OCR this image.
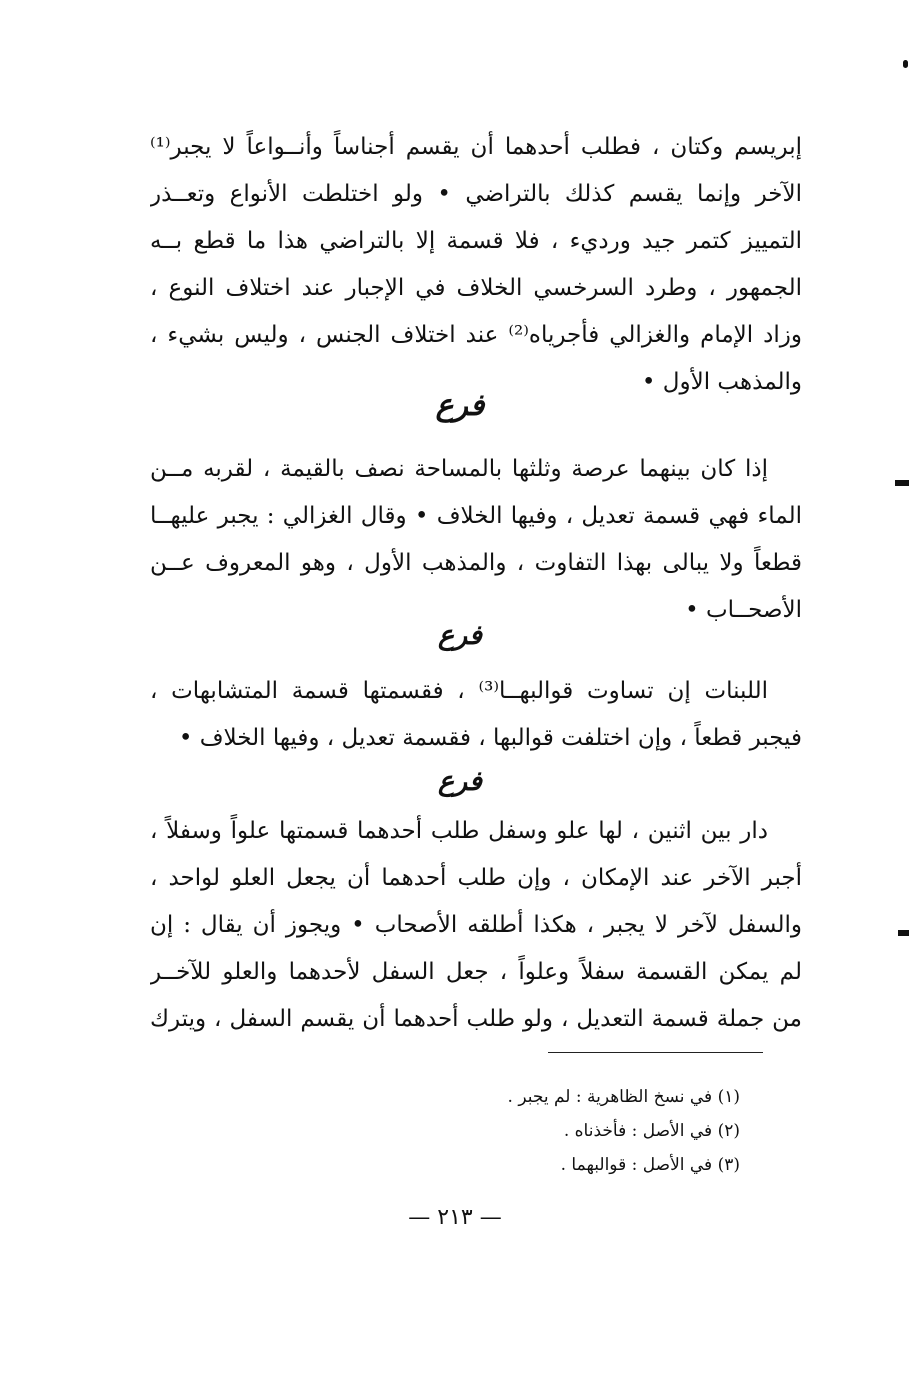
إبريسم وكتان ، فطلب أحدهما أن يقسم أجناساً وأنــواعاً لا يجبر⁽¹⁾
الآخر وإنما يقسم كذلك بالتراضي • ولو اختلطت الأنواع وتعــذر
التمييز كتمر جيد ورديء ، فلا قسمة إلا بالتراضي هذا ما قطع بــه
الجمهور ، وطرد السرخسي الخلاف في الإجبار عند اختلاف النوع ،
وزاد الإمام والغزالي فأجرياه⁽²⁾ عند اختلاف الجنس ، وليس بشيء ،
والمذهب الأول •
فرع
إذا كان بينهما عرصة وثلثها بالمساحة نصف بالقيمة ، لقربه مــن
الماء فهي قسمة تعديل ، وفيها الخلاف • وقال الغزالي : يجبر عليهــا
قطعاً ولا يبالى بهذا التفاوت ، والمذهب الأول ، وهو المعروف عــن
الأصحــاب •
فرع
اللبنات إن تساوت قوالبهــا⁽³⁾ ، فقسمتها قسمة المتشابهات ،
فيجبر قطعاً ، وإن اختلفت قوالبها ، فقسمة تعديل ، وفيها الخلاف •
فرع
دار بين اثنين ، لها علو وسفل طلب أحدهما قسمتها علواً وسفلاً ،
أجبر الآخر عند الإمكان ، وإن طلب أحدهما أن يجعل العلو لواحد ،
والسفل لآخر لا يجبر ، هكذا أطلقه الأصحاب • ويجوز أن يقال : إن
لم يمكن القسمة سفلاً وعلواً ، جعل السفل لأحدهما والعلو للآخــر
من جملة قسمة التعديل ، ولو طلب أحدهما أن يقسم السفل ، ويترك
(١) في نسخ الظاهرية : لم يجبر .
(٢) في الأصل : فأخذناه .
(٣) في الأصل : قوالبهما .
— ٢١٣ —
